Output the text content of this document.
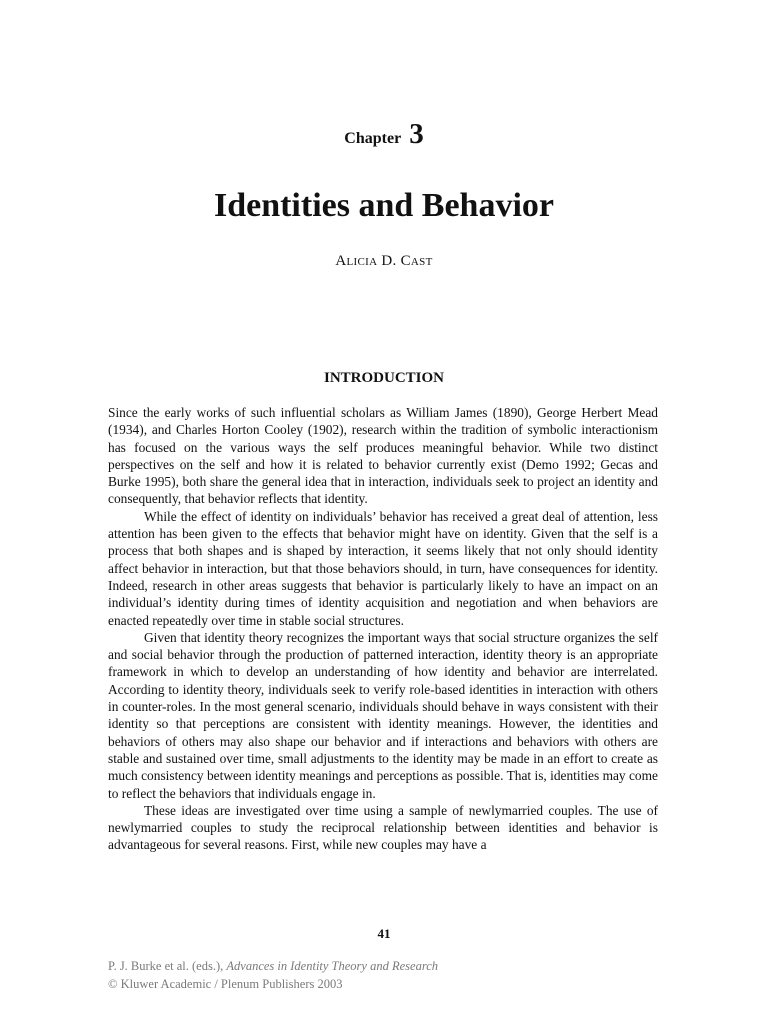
Chapter 3
Identities and Behavior
Alicia D. Cast
INTRODUCTION

Since the early works of such influential scholars as William James (1890), George Herbert Mead (1934), and Charles Horton Cooley (1902), research within the tradition of symbolic interactionism has focused on the various ways the self produces meaningful behavior. While two distinct perspectives on the self and how it is related to behavior currently exist (Demo 1992; Gecas and Burke 1995), both share the general idea that in interaction, individuals seek to project an identity and consequently, that behavior reflects that identity.

While the effect of identity on individuals’ behavior has received a great deal of attention, less attention has been given to the effects that behavior might have on identity. Given that the self is a process that both shapes and is shaped by interaction, it seems likely that not only should identity affect behavior in interaction, but that those behaviors should, in turn, have consequences for identity. Indeed, research in other areas suggests that behavior is particularly likely to have an impact on an individual’s identity during times of identity acquisition and negotiation and when behaviors are enacted repeatedly over time in stable social structures.

Given that identity theory recognizes the important ways that social structure organizes the self and social behavior through the production of patterned interaction, identity theory is an appropriate framework in which to develop an understanding of how identity and behavior are interrelated. According to identity theory, individuals seek to verify role-based identities in interaction with others in counter-roles. In the most general scenario, individuals should behave in ways consistent with their identity so that perceptions are consistent with identity meanings. However, the identities and behaviors of others may also shape our behavior and if interactions and behaviors with others are stable and sustained over time, small adjustments to the identity may be made in an effort to create as much consistency between identity meanings and perceptions as possible. That is, identities may come to reflect the behaviors that individuals engage in.

These ideas are investigated over time using a sample of newlymarried couples. The use of newlymarried couples to study the reciprocal relationship between identities and behavior is advantageous for several reasons. First, while new couples may have a

41
P. J. Burke et al. (eds.), Advances in Identity Theory and Research
© Kluwer Academic / Plenum Publishers 2003
